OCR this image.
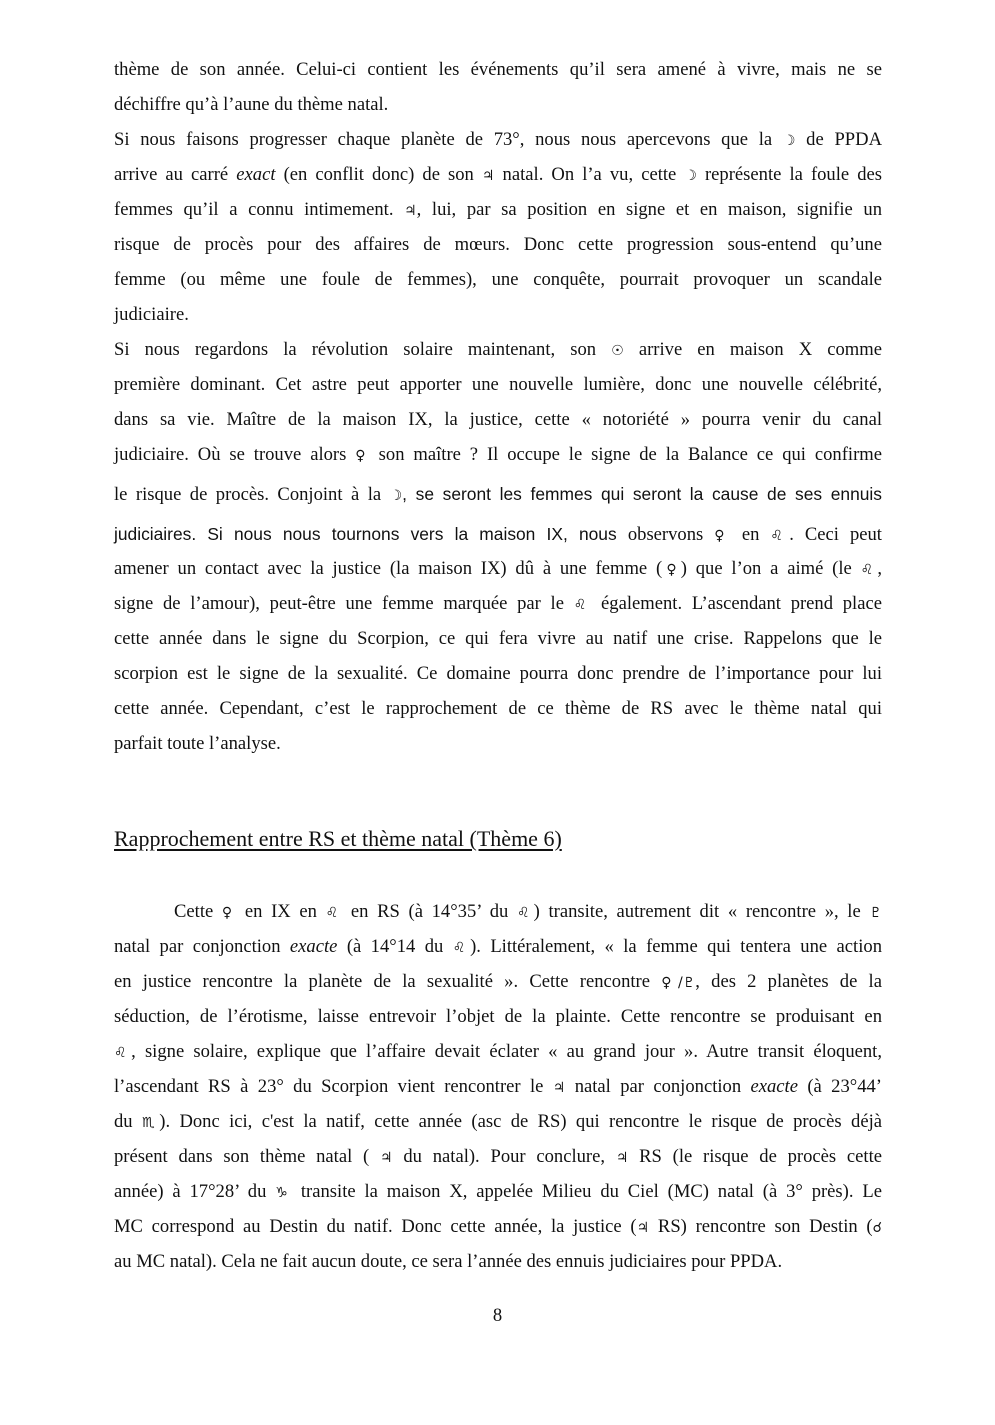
thème de son année. Celui-ci contient les événements qu’il sera amené à vivre, mais ne se
déchiffre qu’à l’aune du thème natal.
Si nous faisons progresser chaque planète de 73°, nous nous apercevons que la ☽ de PPDA
arrive au carré exact (en conflit donc) de son ♃ natal. On l’a vu, cette ☽ représente la foule des
femmes qu’il a connu intimement. ♃, lui, par sa position en signe et en maison, signifie un
risque de procès pour des affaires de mœurs. Donc cette progression sous-entend qu’une
femme (ou même une foule de femmes), une conquête, pourrait provoquer un scandale
judiciaire.
Si nous regardons la révolution solaire maintenant, son ☉ arrive en maison X comme
première dominant. Cet astre peut apporter une nouvelle lumière, donc une nouvelle célébrité,
dans sa vie. Maître de la maison IX, la justice, cette « notoriété » pourra venir du canal
judiciaire. Où se trouve alors ♀ son maître ? Il occupe le signe de la Balance ce qui confirme
le risque de procès. Conjoint à la ☽, se seront les femmes qui seront la cause de ses ennuis
judiciaires. Si nous nous tournons vers la maison IX, nous observons ♀ en ♌. Ceci peut
amener un contact avec la justice (la maison IX) dû à une femme (♀) que l’on a aimé (le ♌,
signe de l’amour), peut-être une femme marquée par le ♌ également. L’ascendant prend place
cette année dans le signe du Scorpion, ce qui fera vivre au natif une crise. Rappelons que le
scorpion est le signe de la sexualité. Ce domaine pourra donc prendre de l’importance pour lui
cette année. Cependant, c’est le rapprochement de ce thème de RS avec le thème natal qui
parfait toute l’analyse.
Rapprochement entre RS et thème natal (Thème 6)
Cette ♀ en IX en ♌ en RS (à 14°35’ du ♌) transite, autrement dit « rencontre », le ♇
natal par conjonction exacte (à 14°14 du ♌). Littéralement, « la femme qui tentera une action
en justice rencontre la planète de la sexualité ». Cette rencontre ♀/♇, des 2 planètes de la
séduction, de l’érotisme, laisse entrevoir l’objet de la plainte. Cette rencontre se produisant en
♌, signe solaire, explique que l’affaire devait éclater « au grand jour ». Autre transit éloquent,
l’ascendant RS à 23° du Scorpion vient rencontrer le ♃ natal par conjonction exacte (à 23°44’
du ♏). Donc ici, c'est la natif, cette année (asc de RS) qui rencontre le risque de procès déjà
présent dans son thème natal ( ♃ du natal). Pour conclure, ♃ RS (le risque de procès cette
année) à 17°28’ du ♑ transite la maison X, appelée Milieu du Ciel (MC) natal (à 3° près). Le
MC correspond au Destin du natif. Donc cette année, la justice (♃ RS) rencontre son Destin (☌
au MC natal). Cela ne fait aucun doute, ce sera l’année des ennuis judiciaires pour PPDA.
8
